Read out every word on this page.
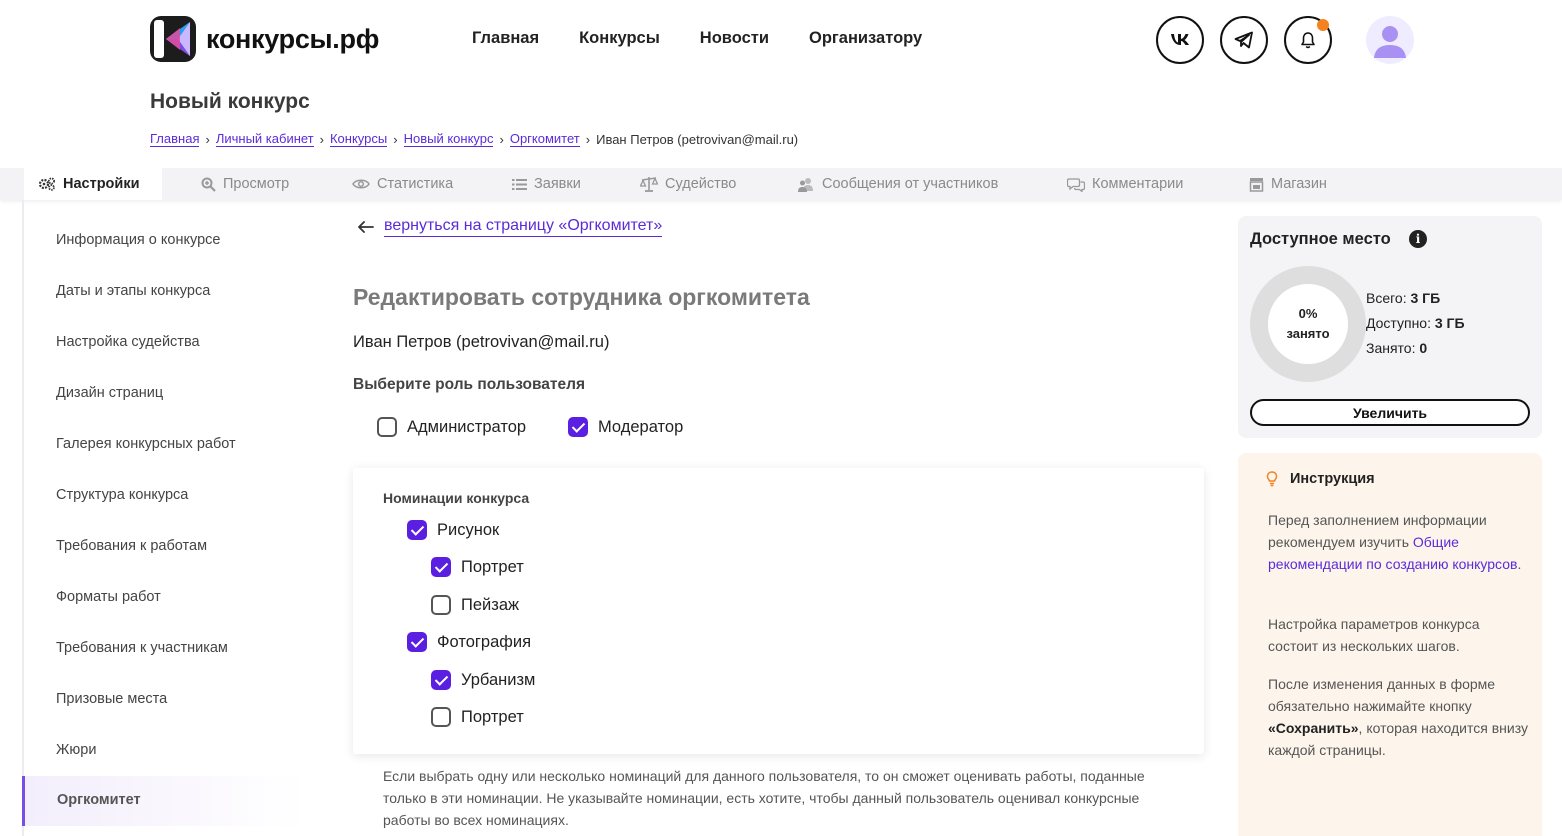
конкурсы.рф	Главная Конкурсы Новости Организатору
Новый конкурс
Главная › Личный кабинет › Конкурсы › Новый конкурс › Оргкомитет › Иван Петров (petrovivan@mail.ru)
Настройки	Просмотр	Статистика	Заявки	Судейство	Сообщения от участников	Комментарии	Магазин
Информация о конкурсе
Даты и этапы конкурса
Настройка судейства
Дизайн страниц
Галерея конкурсных работ
Структура конкурса
Требования к работам
Форматы работ
Требования к участникам
Призовые места
Жюри
Оргкомитет
вернуться на страницу «Оргкомитет»
Редактировать сотрудника оргкомитета
Иван Петров (petrovivan@mail.ru)
Выберите роль пользователя
Администратор	Модератор
Номинации конкурса
Рисунок
Портрет
Пейзаж
Фотография
Урбанизм
Портрет

Если выбрать одну или несколько номинаций для данного пользователя, то он сможет оценивать работы, поданные только в эти номинации. Не указывайте номинации, есть хотите, чтобы данный пользователь оценивал конкурсные работы во всех номинациях.

Доступное место	i
0%
занято
Всего: 3 ГБ
Доступно: 3 ГБ
Занято: 0
Увеличить
Инструкция

Перед заполнением информации рекомендуем изучить Общие рекомендации по созданию конкурсов.

Настройка параметров конкурса состоит из нескольких шагов.

После изменения данных в форме обязательно нажимайте кнопку «Сохранить», которая находится внизу каждой страницы.
